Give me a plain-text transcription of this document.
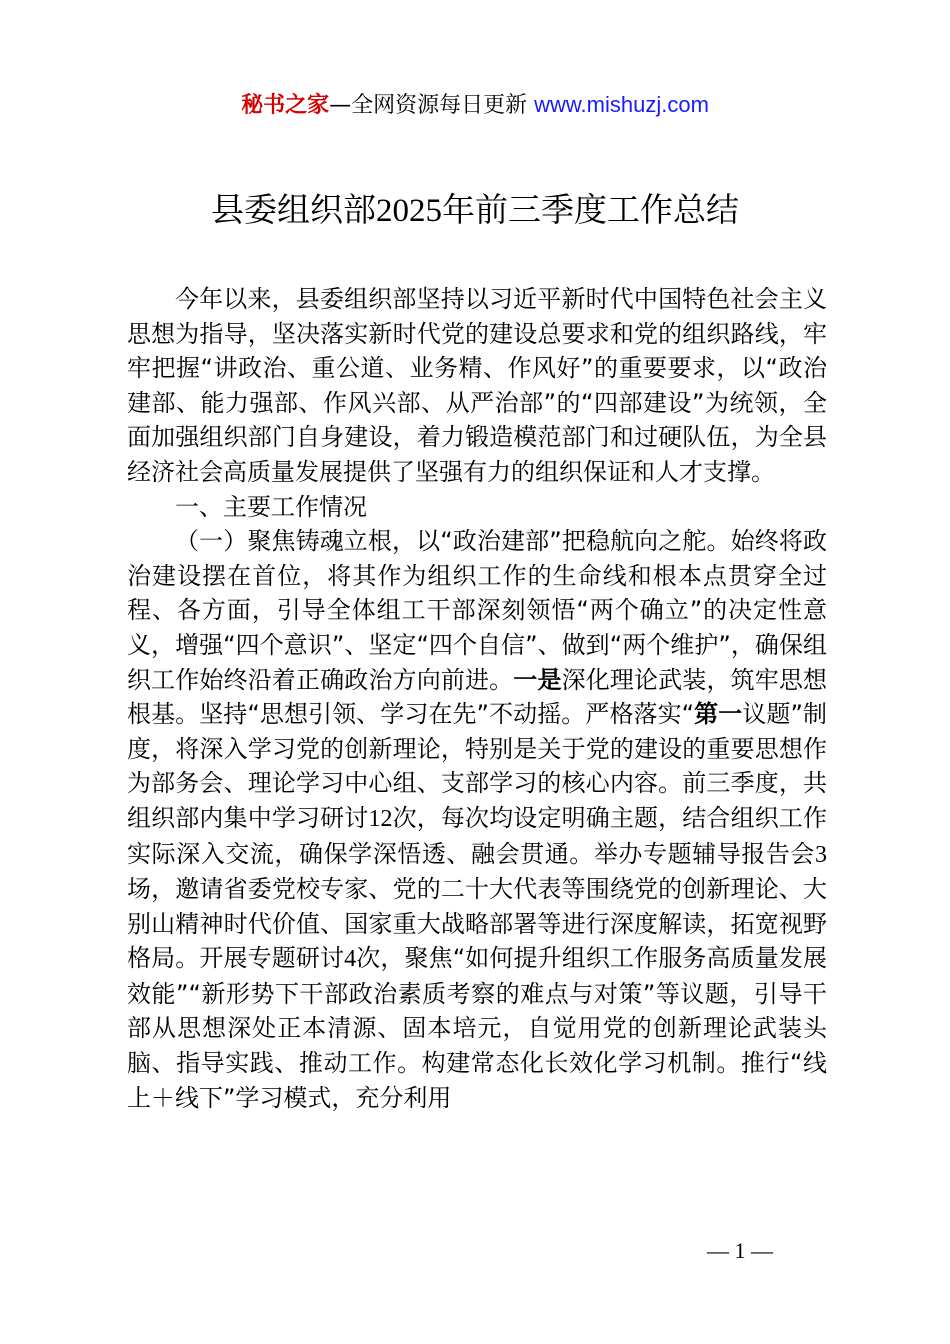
秘书之家—全网资源每日更新 www.mishuzj.com
县委组织部2025年前三季度工作总结

今年以来，县委组织部坚持以习近平新时代中国特色社会主义思想为指导，坚决落实新时代党的建设总要求和党的组织路线，牢牢把握“讲政治、重公道、业务精、作风好”的重要要求，以“政治建部、能力强部、作风兴部、从严治部”的“四部建设”为统领，全面加强组织部门自身建设，着力锻造模范部门和过硬队伍，为全县经济社会高质量发展提供了坚强有力的组织保证和人才支撑。

一、主要工作情况

（一）聚焦铸魂立根，以“政治建部”把稳航向之舵。始终将政治建设摆在首位，将其作为组织工作的生命线和根本点贯穿全过程、各方面，引导全体组工干部深刻领悟“两个确立”的决定性意义，增强“四个意识”、坚定“四个自信”、做到“两个维护”，确保组织工作始终沿着正确政治方向前进。一是深化理论武装，筑牢思想根基。坚持“思想引领、学习在先”不动摇。严格落实“第一议题”制度，将深入学习党的创新理论，特别是关于党的建设的重要思想作为部务会、理论学习中心组、支部学习的核心内容。前三季度，共组织部内集中学习研讨12次，每次均设定明确主题，结合组织工作实际深入交流，确保学深悟透、融会贯通。举办专题辅导报告会3场，邀请省委党校专家、党的二十大代表等围绕党的创新理论、大别山精神时代价值、国家重大战略部署等进行深度解读，拓宽视野格局。开展专题研讨4次，聚焦“如何提升组织工作服务高质量发展效能”“新形势下干部政治素质考察的难点与对策”等议题，引导干部从思想深处正本清源、固本培元，自觉用党的创新理论武装头脑、指导实践、推动工作。构建常态化长效化学习机制。推行“线上＋线下”学习模式，充分利用

— 1 —
